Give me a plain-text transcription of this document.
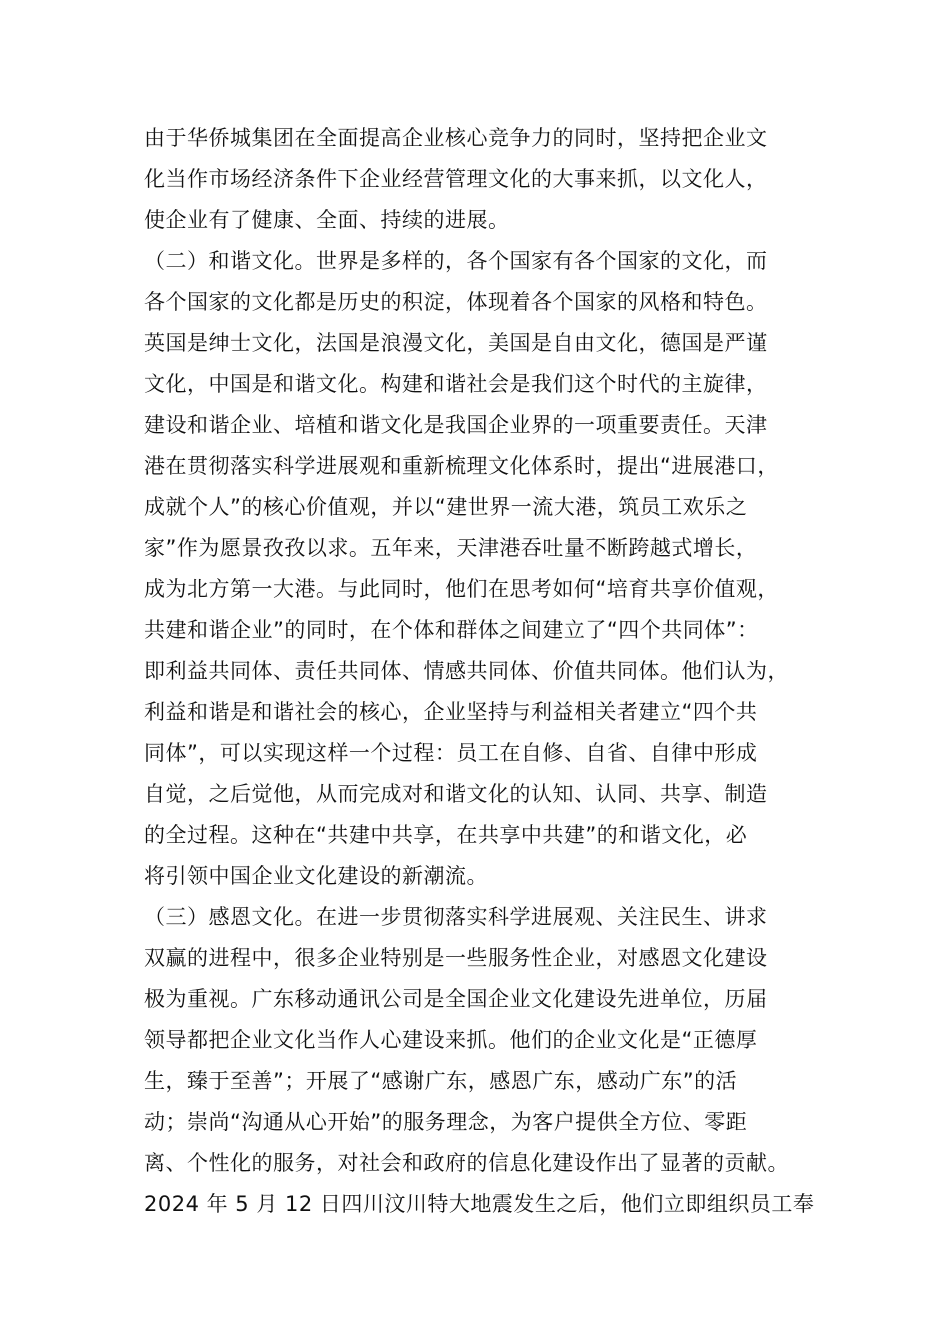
由于华侨城集团在全面提高企业核心竞争力的同时，坚持把企业文
化当作市场经济条件下企业经营管理文化的大事来抓，以文化人，
使企业有了健康、全面、持续的进展。
（二）和谐文化。世界是多样的，各个国家有各个国家的文化，而
各个国家的文化都是历史的积淀，体现着各个国家的风格和特色。
英国是绅士文化，法国是浪漫文化，美国是自由文化，德国是严谨
文化，中国是和谐文化。构建和谐社会是我们这个时代的主旋律，
建设和谐企业、培植和谐文化是我国企业界的一项重要责任。天津
港在贯彻落实科学进展观和重新梳理文化体系时，提出“进展港口，
成就个人”的核心价值观，并以“建世界一流大港，筑员工欢乐之
家”作为愿景孜孜以求。五年来，天津港吞吐量不断跨越式增长，
成为北方第一大港。与此同时，他们在思考如何“培育共享价值观，
共建和谐企业”的同时，在个体和群体之间建立了“四个共同体”：
即利益共同体、责任共同体、情感共同体、价值共同体。他们认为，
利益和谐是和谐社会的核心，企业坚持与利益相关者建立“四个共
同体”，可以实现这样一个过程：员工在自修、自省、自律中形成
自觉，之后觉他，从而完成对和谐文化的认知、认同、共享、制造
的全过程。这种在“共建中共享，在共享中共建”的和谐文化，必
将引领中国企业文化建设的新潮流。
（三）感恩文化。在进一步贯彻落实科学进展观、关注民生、讲求
双赢的进程中，很多企业特别是一些服务性企业，对感恩文化建设
极为重视。广东移动通讯公司是全国企业文化建设先进单位，历届
领导都把企业文化当作人心建设来抓。他们的企业文化是“正德厚
生，臻于至善”；开展了“感谢广东，感恩广东，感动广东”的活
动；崇尚“沟通从心开始”的服务理念，为客户提供全方位、零距
离、个性化的服务，对社会和政府的信息化建设作出了显著的贡献。
2024 年 5 月 12 日四川汶川特大地震发生之后，他们立即组织员工奉
